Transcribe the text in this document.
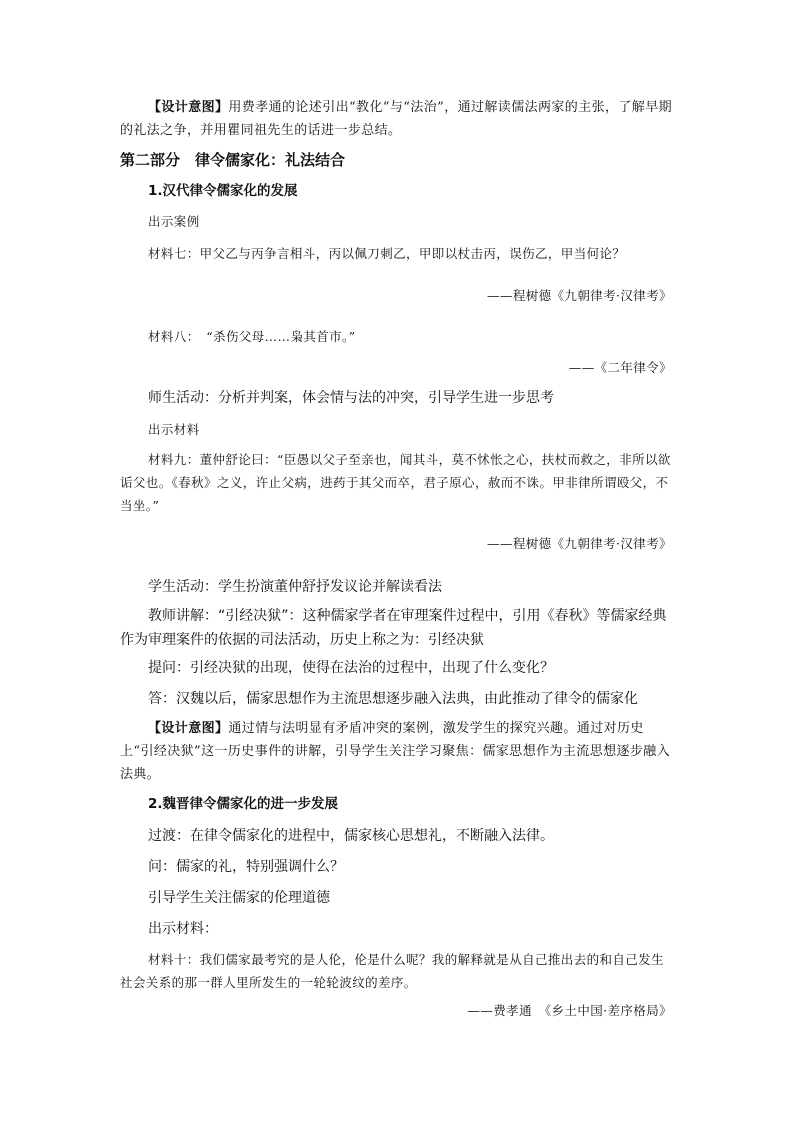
【设计意图】用费孝通的论述引出“教化”与“法治”，通过解读儒法两家的主张，了解早期的礼法之争，并用瞿同祖先生的话进一步总结。

第二部分　律令儒家化：礼法结合

1.汉代律令儒家化的发展

出示案例

材料七：甲父乙与丙争言相斗，丙以佩刀刺乙，甲即以杖击丙，误伤乙，甲当何论？

——程树德《九朝律考·汉律考》

材料八：　“杀伤父母……枭其首市。”

——《二年律令》

师生活动：分析并判案，体会情与法的冲突，引导学生进一步思考

出示材料

材料九：董仲舒论曰：“臣愚以父子至亲也，闻其斗，莫不怵怅之心，扶杖而救之，非所以欲诟父也。《春秋》之义，许止父病，进药于其父而卒，君子原心，赦而不诛。甲非律所谓殴父，不当坐。”

——程树德《九朝律考·汉律考》

学生活动：学生扮演董仲舒抒发议论并解读看法

教师讲解：“引经决狱”：这种儒家学者在审理案件过程中，引用《春秋》等儒家经典作为审理案件的依据的司法活动，历史上称之为：引经决狱

提问：引经决狱的出现，使得在法治的过程中，出现了什么变化？

答：汉魏以后，儒家思想作为主流思想逐步融入法典，由此推动了律令的儒家化

【设计意图】通过情与法明显有矛盾冲突的案例，激发学生的探究兴趣。通过对历史上“引经决狱”这一历史事件的讲解，引导学生关注学习聚焦：儒家思想作为主流思想逐步融入法典。

2.魏晋律令儒家化的进一步发展

过渡：在律令儒家化的进程中，儒家核心思想礼，不断融入法律。

问：儒家的礼，特别强调什么？

引导学生关注儒家的伦理道德

出示材料：

材料十：我们儒家最考究的是人伦，伦是什么呢？我的解释就是从自己推出去的和自己发生社会关系的那一群人里所发生的一轮轮波纹的差序。

——费孝通　《乡土中国·差序格局》
